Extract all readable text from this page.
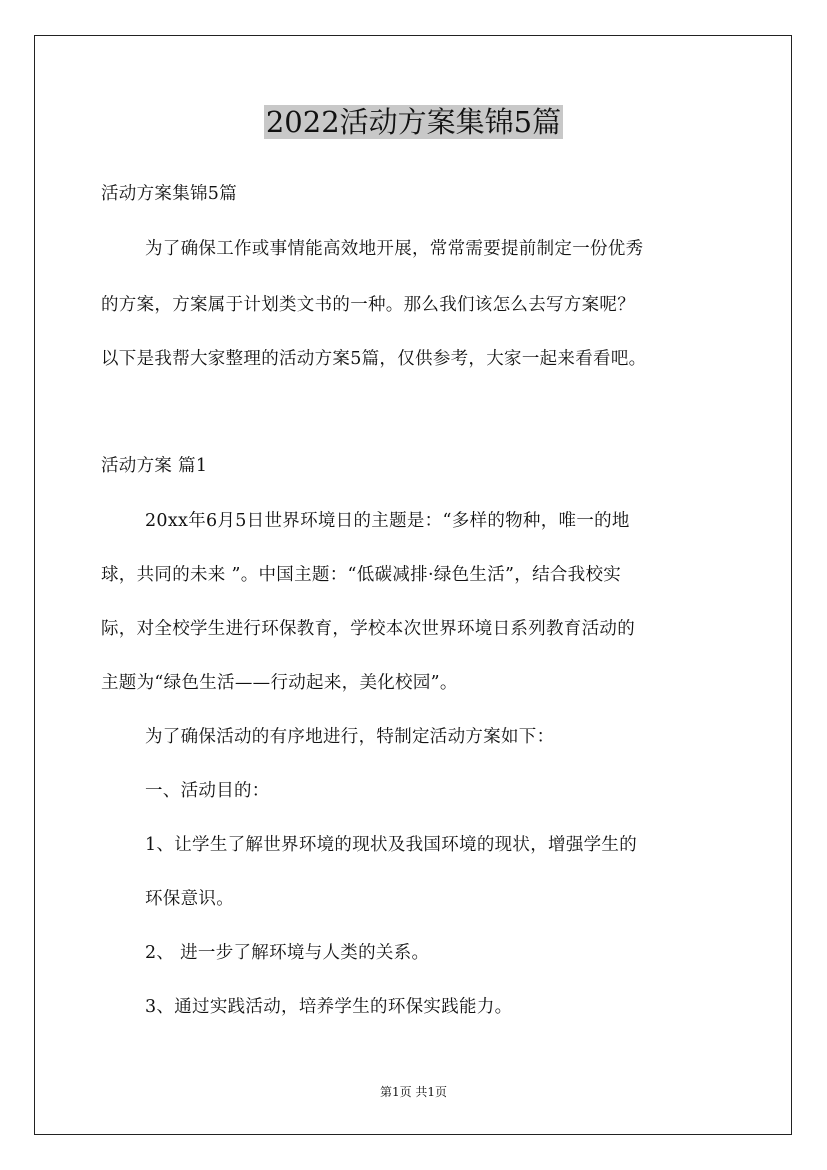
2022活动方案集锦5篇
活动方案集锦5篇
为了确保工作或事情能高效地开展，常常需要提前制定一份优秀
的方案，方案属于计划类文书的一种。那么我们该怎么去写方案呢？
以下是我帮大家整理的活动方案5篇，仅供参考，大家一起来看看吧。
活动方案 篇1
20xx年6月5日世界环境日的主题是：“多样的物种，唯一的地
球，共同的未来 ”。中国主题：“低碳减排·绿色生活”，结合我校实
际，对全校学生进行环保教育，学校本次世界环境日系列教育活动的
主题为“绿色生活——行动起来，美化校园”。
为了确保活动的有序地进行，特制定活动方案如下：
一、活动目的：
1、让学生了解世界环境的现状及我国环境的现状，增强学生的
环保意识。
2、 进一步了解环境与人类的关系。
3、通过实践活动，培养学生的环保实践能力。
第1页 共1页
